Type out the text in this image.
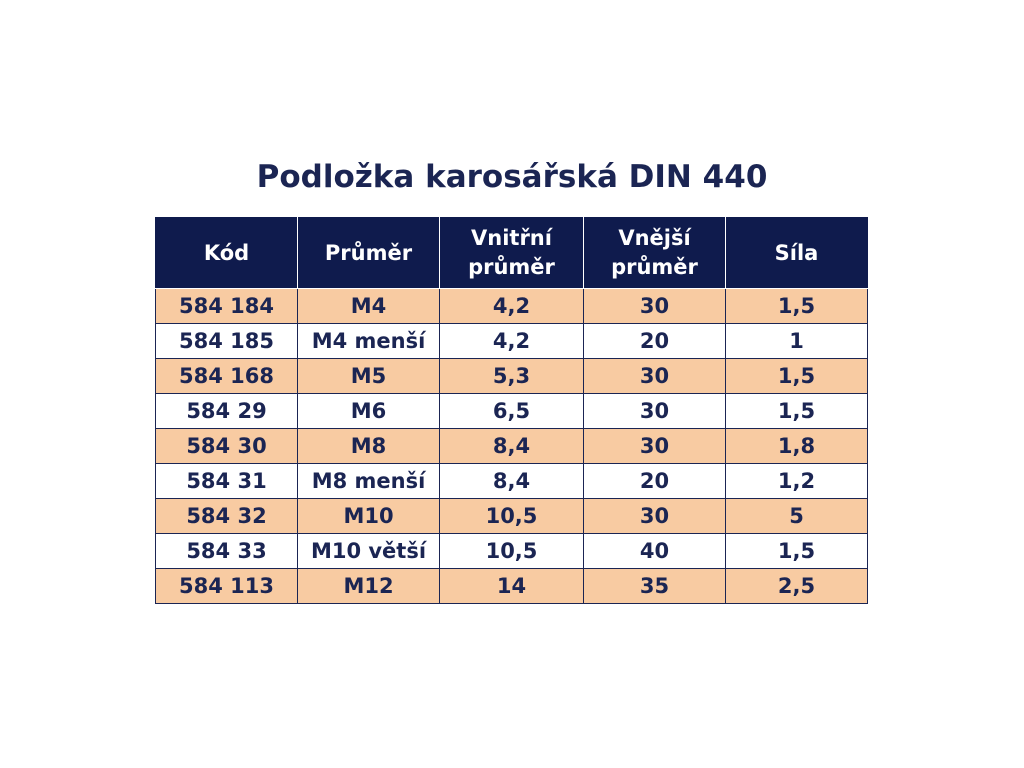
Podložka karosářská DIN 440
Kód	Průměr	Vnitřní průměr	Vnější průměr	Síla
584 184	M4	4,2	30	1,5
584 185	M4 menší	4,2	20	1
584 168	M5	5,3	30	1,5
584 29	M6	6,5	30	1,5
584 30	M8	8,4	30	1,8
584 31	M8 menší	8,4	20	1,2
584 32	M10	10,5	30	5
584 33	M10 větší	10,5	40	1,5
584 113	M12	14	35	2,5
